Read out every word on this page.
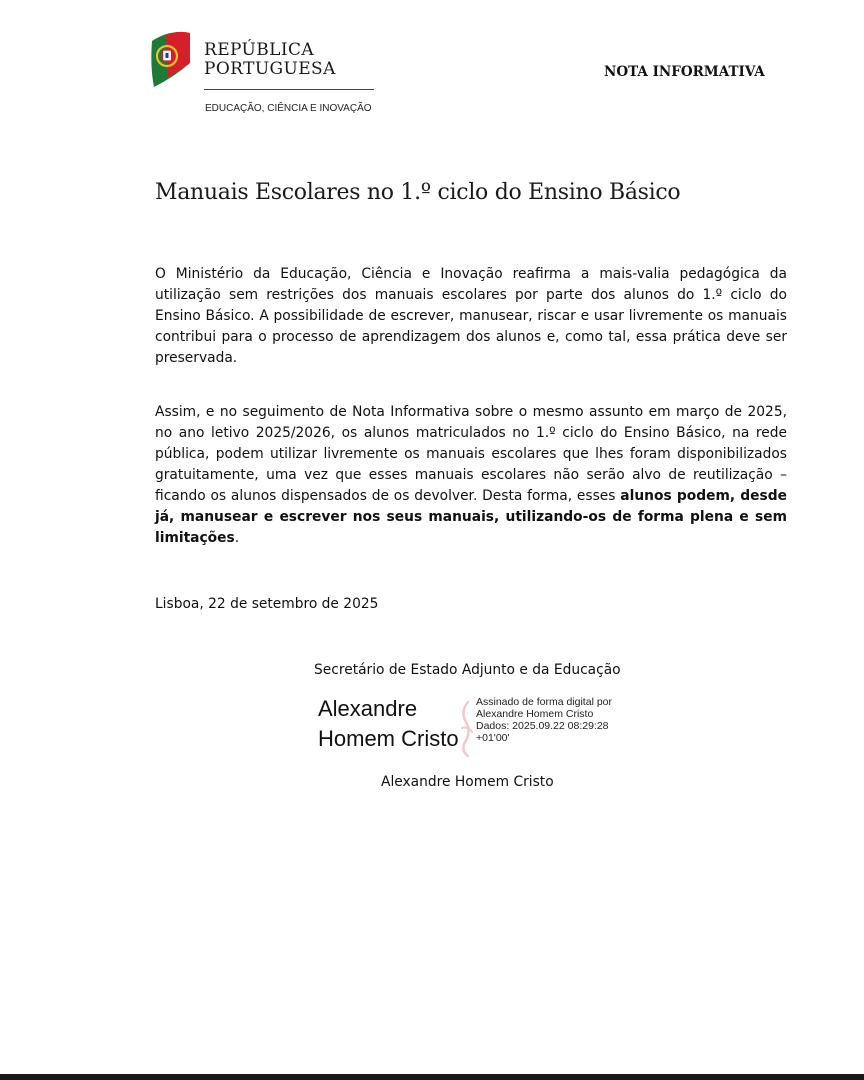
REPÚBLICA
PORTUGUESA
EDUCAÇÃO, CIÊNCIA E INOVAÇÃO
NOTA INFORMATIVA
Manuais Escolares no 1.º ciclo do Ensino Básico

O Ministério da Educação, Ciência e Inovação reafirma a mais-valia pedagógica da utilização sem restrições dos manuais escolares por parte dos alunos do 1.º ciclo do Ensino Básico. A possibilidade de escrever, manusear, riscar e usar livremente os manuais contribui para o processo de aprendizagem dos alunos e, como tal, essa prática deve ser preservada.

Assim, e no seguimento de Nota Informativa sobre o mesmo assunto em março de 2025, no ano letivo 2025/2026, os alunos matriculados no 1.º ciclo do Ensino Básico, na rede pública, podem utilizar livremente os manuais escolares que lhes foram disponibilizados gratuitamente, uma vez que esses manuais escolares não serão alvo de reutilização – ficando os alunos dispensados de os devolver. Desta forma, esses alunos podem, desde já, manusear e escrever nos seus manuais, utilizando-os de forma plena e sem limitações.

Lisboa, 22 de setembro de 2025
Secretário de Estado Adjunto e da Educação
Alexandre
Homem Cristo
Assinado de forma digital por
Alexandre Homem Cristo
Dados: 2025.09.22 08:29:28
+01'00'
Alexandre Homem Cristo
